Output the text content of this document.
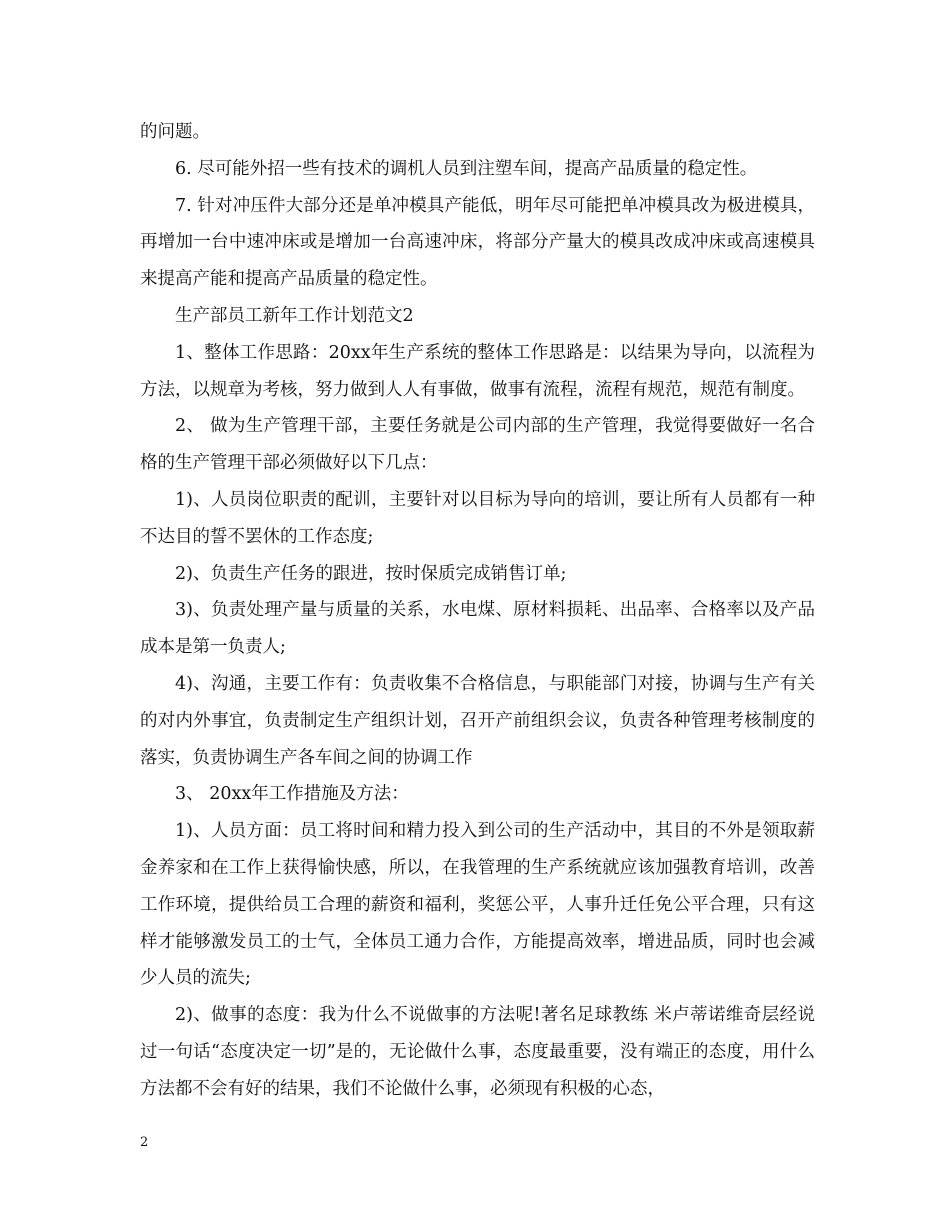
的问题。

6. 尽可能外招一些有技术的调机人员到注塑车间，提高产品质量的稳定性。

7. 针对冲压件大部分还是单冲模具产能低，明年尽可能把单冲模具改为极进模具，再增加一台中速冲床或是增加一台高速冲床，将部分产量大的模具改成冲床或高速模具来提高产能和提高产品质量的稳定性。

生产部员工新年工作计划范文2

1、整体工作思路：20xx年生产系统的整体工作思路是：以结果为导向，以流程为方法，以规章为考核，努力做到人人有事做，做事有流程，流程有规范，规范有制度。

2、 做为生产管理干部，主要任务就是公司内部的生产管理，我觉得要做好一名合格的生产管理干部必须做好以下几点：

1)、人员岗位职责的配训，主要针对以目标为导向的培训，要让所有人员都有一种不达目的誓不罢休的工作态度;

2)、负责生产任务的跟进，按时保质完成销售订单;

3)、负责处理产量与质量的关系，水电煤、原材料损耗、出品率、合格率以及产品成本是第一负责人;

4)、沟通，主要工作有：负责收集不合格信息，与职能部门对接，协调与生产有关的对内外事宜，负责制定生产组织计划，召开产前组织会议，负责各种管理考核制度的落实，负责协调生产各车间之间的协调工作

3、 20xx年工作措施及方法：

1)、人员方面：员工将时间和精力投入到公司的生产活动中，其目的不外是领取薪金养家和在工作上获得愉快感，所以，在我管理的生产系统就应该加强教育培训，改善工作环境，提供给员工合理的薪资和福利，奖惩公平，人事升迁任免公平合理，只有这样才能够激发员工的士气，全体员工通力合作，方能提高效率，增进品质，同时也会减少人员的流失;

2)、做事的态度：我为什么不说做事的方法呢!著名足球教练 米卢蒂诺维奇层经说过一句话“态度决定一切”是的，无论做什么事，态度最重要，没有端正的态度，用什么方法都不会有好的结果，我们不论做什么事，必须现有积极的心态，

2
